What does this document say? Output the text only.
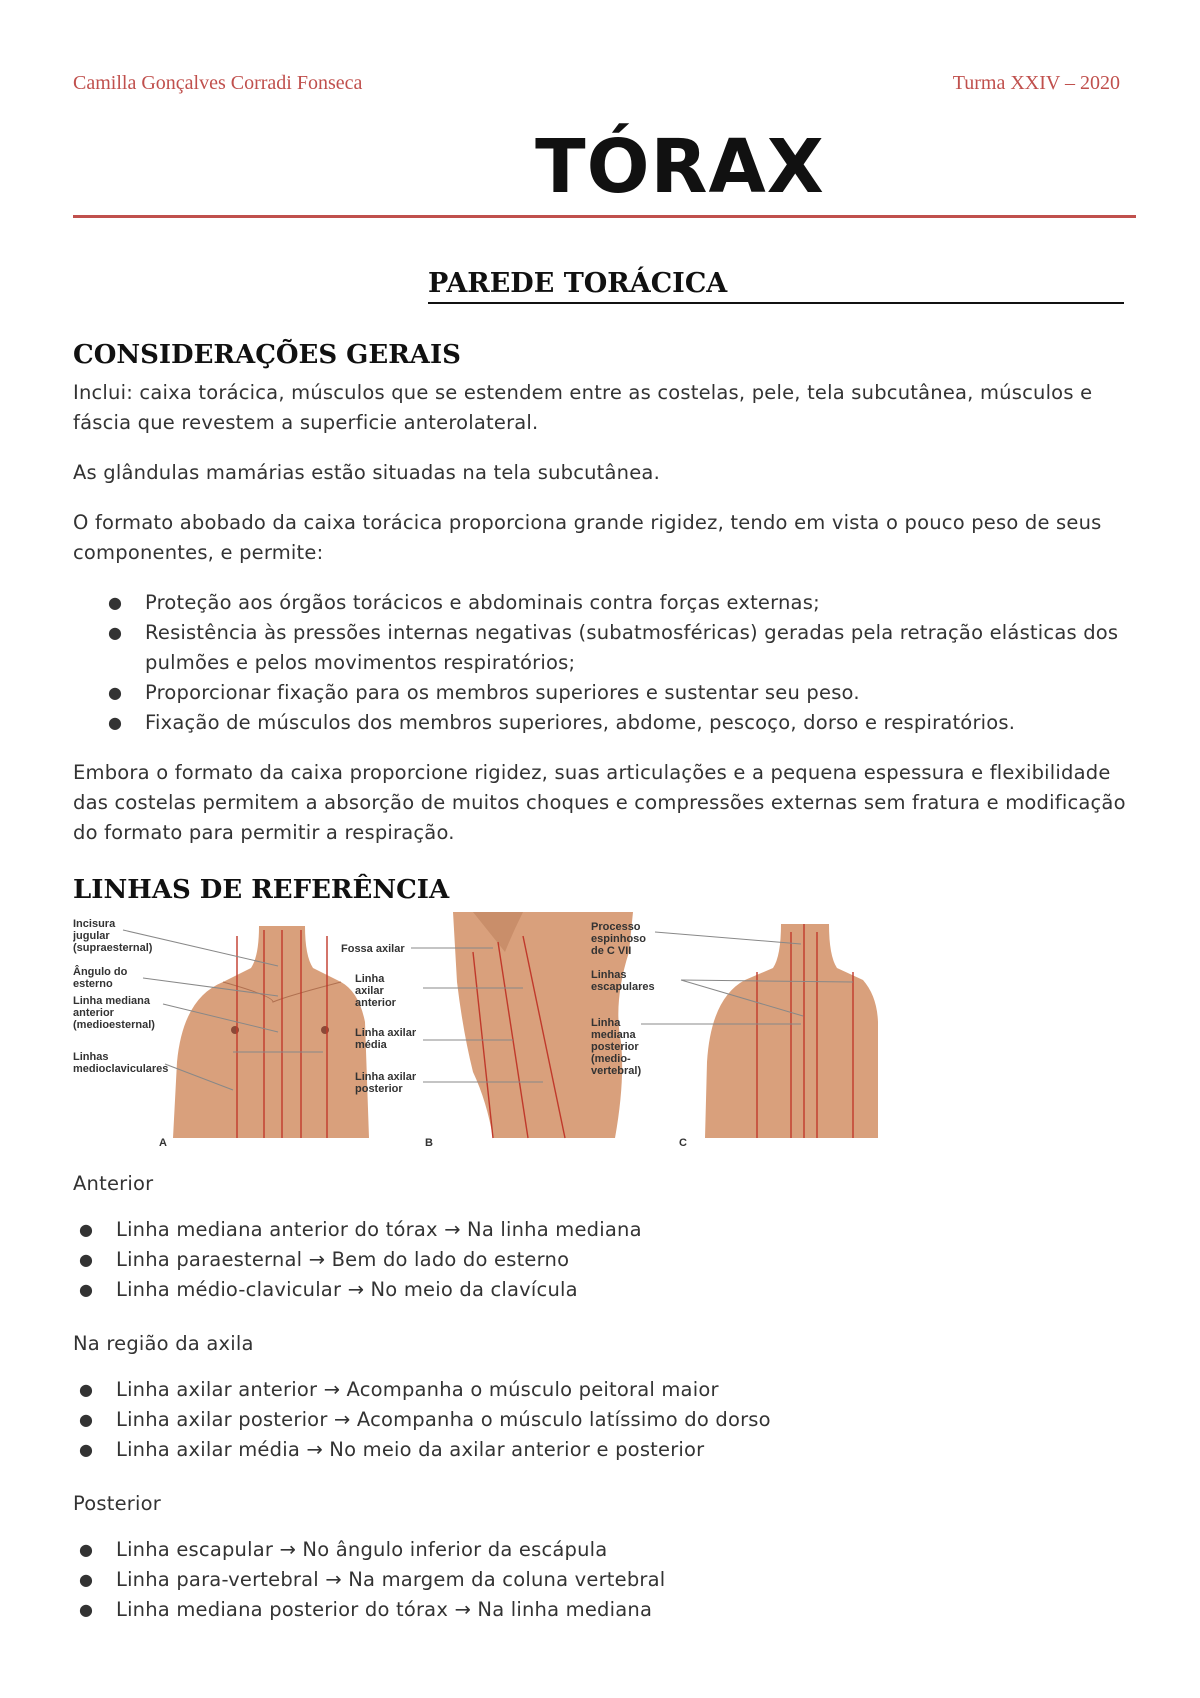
Camilla Gonçalves Corradi Fonseca	Turma XXIV – 2020
TÓRAX
PAREDE TORÁCICA
CONSIDERAÇÕES GERAIS
Inclui: caixa torácica, músculos que se estendem entre as costelas, pele, tela subcutânea, músculos e fáscia que revestem a superficie anterolateral.
As glândulas mamárias estão situadas na tela subcutânea.
O formato abobado da caixa torácica proporciona grande rigidez, tendo em vista o pouco peso de seus componentes, e permite:
● Proteção aos órgãos torácicos e abdominais contra forças externas;
● Resistência às pressões internas negativas (subatmosféricas) geradas pela retração elásticas dos pulmões e pelos movimentos respiratórios;
● Proporcionar fixação para os membros superiores e sustentar seu peso.
● Fixação de músculos dos membros superiores, abdome, pescoço, dorso e respiratórios.
Embora o formato da caixa proporcione rigidez, suas articulações e a pequena espessura e flexibilidade das costelas permitem a absorção de muitos choques e compressões externas sem fratura e modificação do formato para permitir a respiração.
LINHAS DE REFERÊNCIA
Incisura jugular (supraesternal)
Ângulo do esterno
Linha mediana anterior (medioesternal)
Linhas medioclaviculares
A
Fossa axilar
Linha axilar anterior
Linha axilar média
Linha axilar posterior
B
Processo espinhoso de C VII
Linhas escapulares
Linha mediana posterior (medio-vertebral)
C
Anterior
● Linha mediana anterior do tórax → Na linha mediana
● Linha paraesternal → Bem do lado do esterno
● Linha médio-clavicular → No meio da clavícula
Na região da axila
● Linha axilar anterior → Acompanha o músculo peitoral maior
● Linha axilar posterior → Acompanha o músculo latíssimo do dorso
● Linha axilar média → No meio da axilar anterior e posterior
Posterior
● Linha escapular → No ângulo inferior da escápula
● Linha para-vertebral → Na margem da coluna vertebral
● Linha mediana posterior do tórax → Na linha mediana
